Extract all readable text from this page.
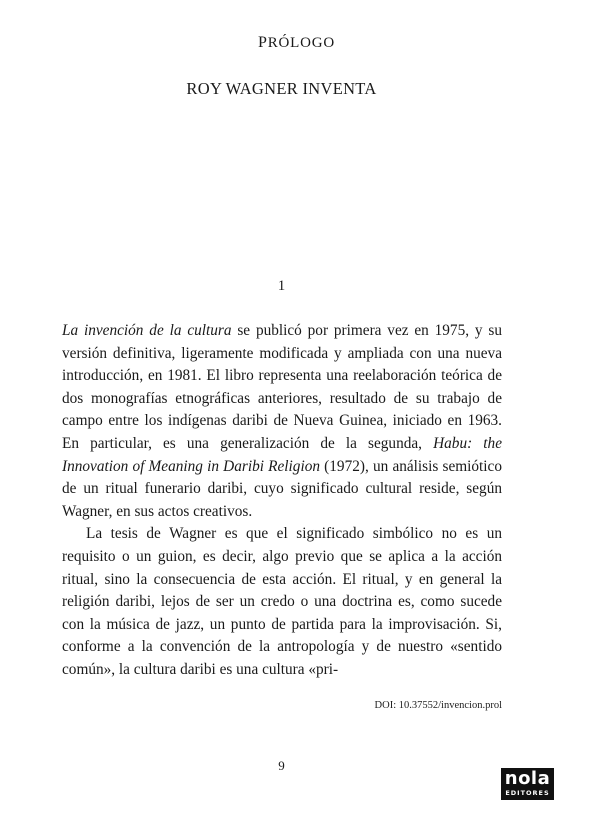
PRÓLOGO
ROY WAGNER INVENTA
1

La invención de la cultura se publicó por primera vez en 1975, y su versión definitiva, ligeramente modificada y ampliada con una nueva introducción, en 1981. El libro representa una reelaboración teórica de dos monografías etnográficas anteriores, resultado de su trabajo de campo entre los indígenas daribi de Nueva Guinea, iniciado en 1963. En particular, es una generalización de la segunda, Habu: the Innovation of Meaning in Daribi Religion (1972), un análisis semiótico de un ritual funerario daribi, cuyo significado cultural reside, según Wagner, en sus actos creativos.

La tesis de Wagner es que el significado simbólico no es un requisito o un guion, es decir, algo previo que se aplica a la acción ritual, sino la consecuencia de esta acción. El ritual, y en general la religión daribi, lejos de ser un credo o una doctrina es, como sucede con la música de jazz, un punto de partida para la improvisación. Si, conforme a la convención de la antropología y de nuestro «sentido común», la cultura daribi es una cultura «pri-

DOI: 10.37552/invencion.prol
9
nola
EDITORES
